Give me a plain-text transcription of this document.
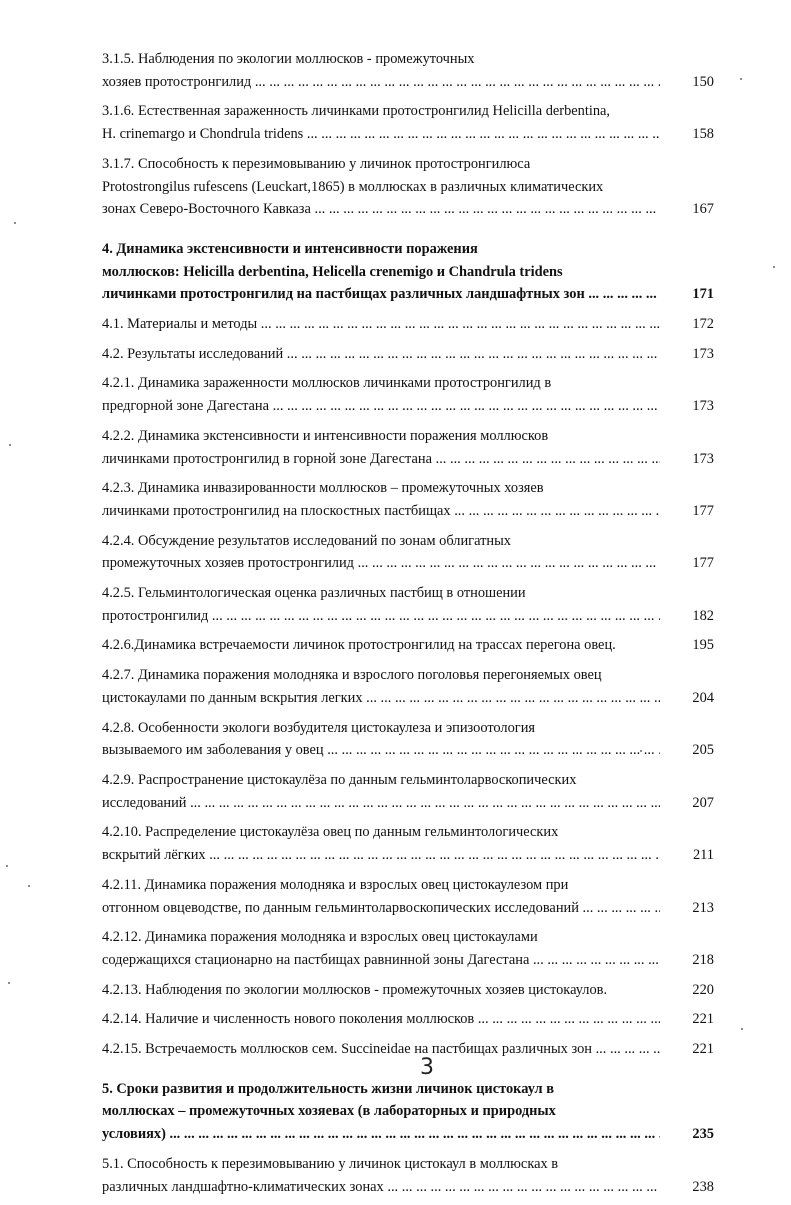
3.1.5. Наблюдения по экологии моллюсков - промежуточных
хозяев протостронгилид ... .	150
3.1.6. Естественная зараженность личинками протостронгилид Helicilla derbentina,
H. crinemargo и Chondrula tridens ... .	158
3.1.7. Способность к перезимовыванию у личинок протостронгилюса
Protostrongilus rufescens (Leuckart,1865) в моллюсках в различных климатических
зонах Северо-Восточного Кавказа ... .	167
4. Динамика экстенсивности и интенсивности поражения
моллюсков: Helicilla derbentina, Helicella crenemigo и Chandrula tridens
личинками протостронгилид на пастбищах различных ландшафтных зон ... .	171
4.1. Материалы и методы ... .	172
4.2. Результаты исследований ... .	173
4.2.1. Динамика зараженности моллюсков личинками протостронгилид в
предгорной зоне Дагестана ... .	173
4.2.2. Динамика экстенсивности и интенсивности поражения моллюсков
личинками протостронгилид в горной зоне Дагестана ... .	173
4.2.3. Динамика инвазированности моллюсков – промежуточных хозяев
личинками протостронгилид на плоскостных пастбищах ... .	177
4.2.4. Обсуждение результатов исследований по зонам облигатных
промежуточных хозяев протостронгилид ... .	177
4.2.5. Гельминтологическая оценка различных пастбищ в отношении
протостронгилид ... .	182
4.2.6.Динамика встречаемости личинок протостронгилид на трассах перегона овец.	195
4.2.7. Динамика поражения молодняка и взрослого поголовья перегоняемых овец
цистокаулами по данным вскрытия легких ... .	204
4.2.8. Особенности экологи возбудителя цистокаулеза и эпизоотология
вызываемого им заболевания у овец ... .	205
4.2.9. Распространение цистокаулёза по данным гельминтоларвоскопических
исследований ... .	207
4.2.10. Распределение цистокаулёза овец по данным гельминтологических
вскрытий лёгких ... .	211
4.2.11. Динамика поражения молодняка и взрослых овец цистокаулезом при
отгонном овцеводстве, по данным гельминтоларвоскопических исследований ... .	213
4.2.12. Динамика поражения молодняка и взрослых овец цистокаулами
содержащихся стационарно на пастбищах равнинной зоны Дагестана ... .	218
4.2.13. Наблюдения по экологии моллюсков - промежуточных хозяев цистокаулов.	220
4.2.14. Наличие и численность нового поколения моллюсков ... .	221
4.2.15. Встречаемость моллюсков сем. Succineidae на пастбищах различных зон ... .	221
5. Сроки развития и продолжительность жизни личинок цистокаул в
моллюсках – промежуточных хозяевах (в лабораторных и природных
условиях) ... .	235
5.1. Способность к перезимовыванию у личинок цистокаул в моллюсках в
различных ландшафтно-климатических зонах ... .	238
3
